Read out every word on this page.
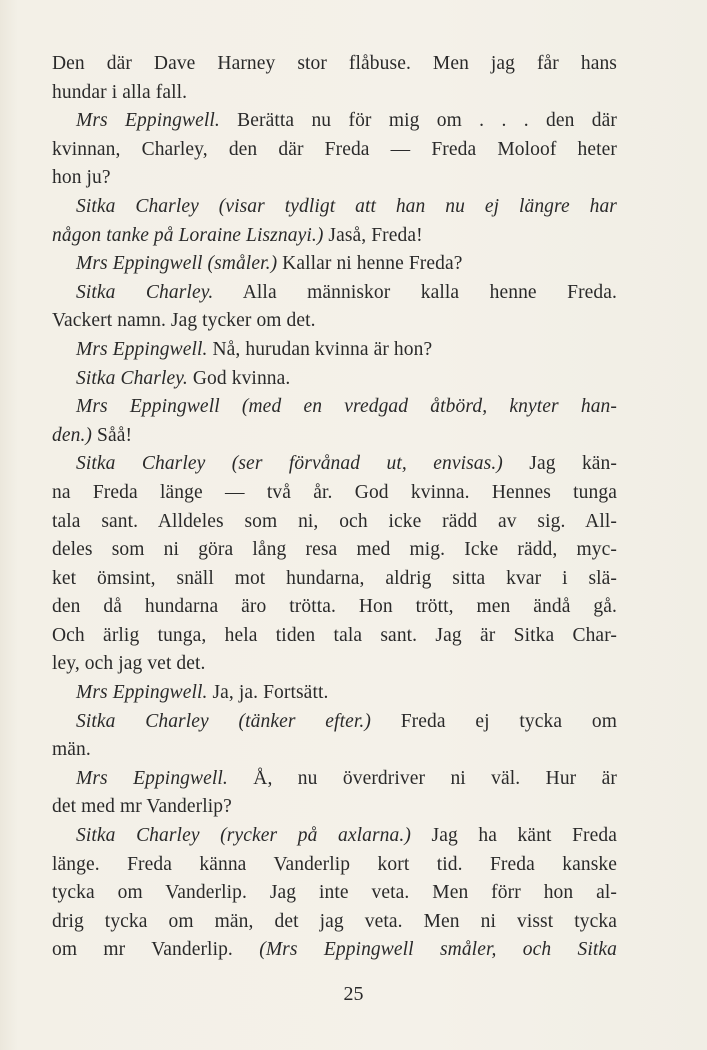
Den där Dave Harney stor flåbuse. Men jag får hans
hundar i alla fall.
Mrs Eppingwell. Berätta nu för mig om . . . den där
kvinnan, Charley, den där Freda — Freda Moloof heter
hon ju?
Sitka Charley (visar tydligt att han nu ej längre har
någon tanke på Loraine Lisznayi.) Jaså, Freda!
Mrs Eppingwell (småler.) Kallar ni henne Freda?
Sitka Charley. Alla människor kalla henne Freda.
Vackert namn. Jag tycker om det.
Mrs Eppingwell. Nå, hurudan kvinna är hon?
Sitka Charley. God kvinna.
Mrs Eppingwell (med en vredgad åtbörd, knyter han-
den.) Såå!
Sitka Charley (ser förvånad ut, envisas.) Jag kän-
na Freda länge — två år. God kvinna. Hennes tunga
tala sant. Alldeles som ni, och icke rädd av sig. All-
deles som ni göra lång resa med mig. Icke rädd, myc-
ket ömsint, snäll mot hundarna, aldrig sitta kvar i slä-
den då hundarna äro trötta. Hon trött, men ändå gå.
Och ärlig tunga, hela tiden tala sant. Jag är Sitka Char-
ley, och jag vet det.
Mrs Eppingwell. Ja, ja. Fortsätt.
Sitka Charley (tänker efter.) Freda ej tycka om
män.
Mrs Eppingwell. Å, nu överdriver ni väl. Hur är
det med mr Vanderlip?
Sitka Charley (rycker på axlarna.) Jag ha känt Freda
länge. Freda känna Vanderlip kort tid. Freda kanske
tycka om Vanderlip. Jag inte veta. Men förr hon al-
drig tycka om män, det jag veta. Men ni visst tycka
om mr Vanderlip. (Mrs Eppingwell småler, och Sitka
25
